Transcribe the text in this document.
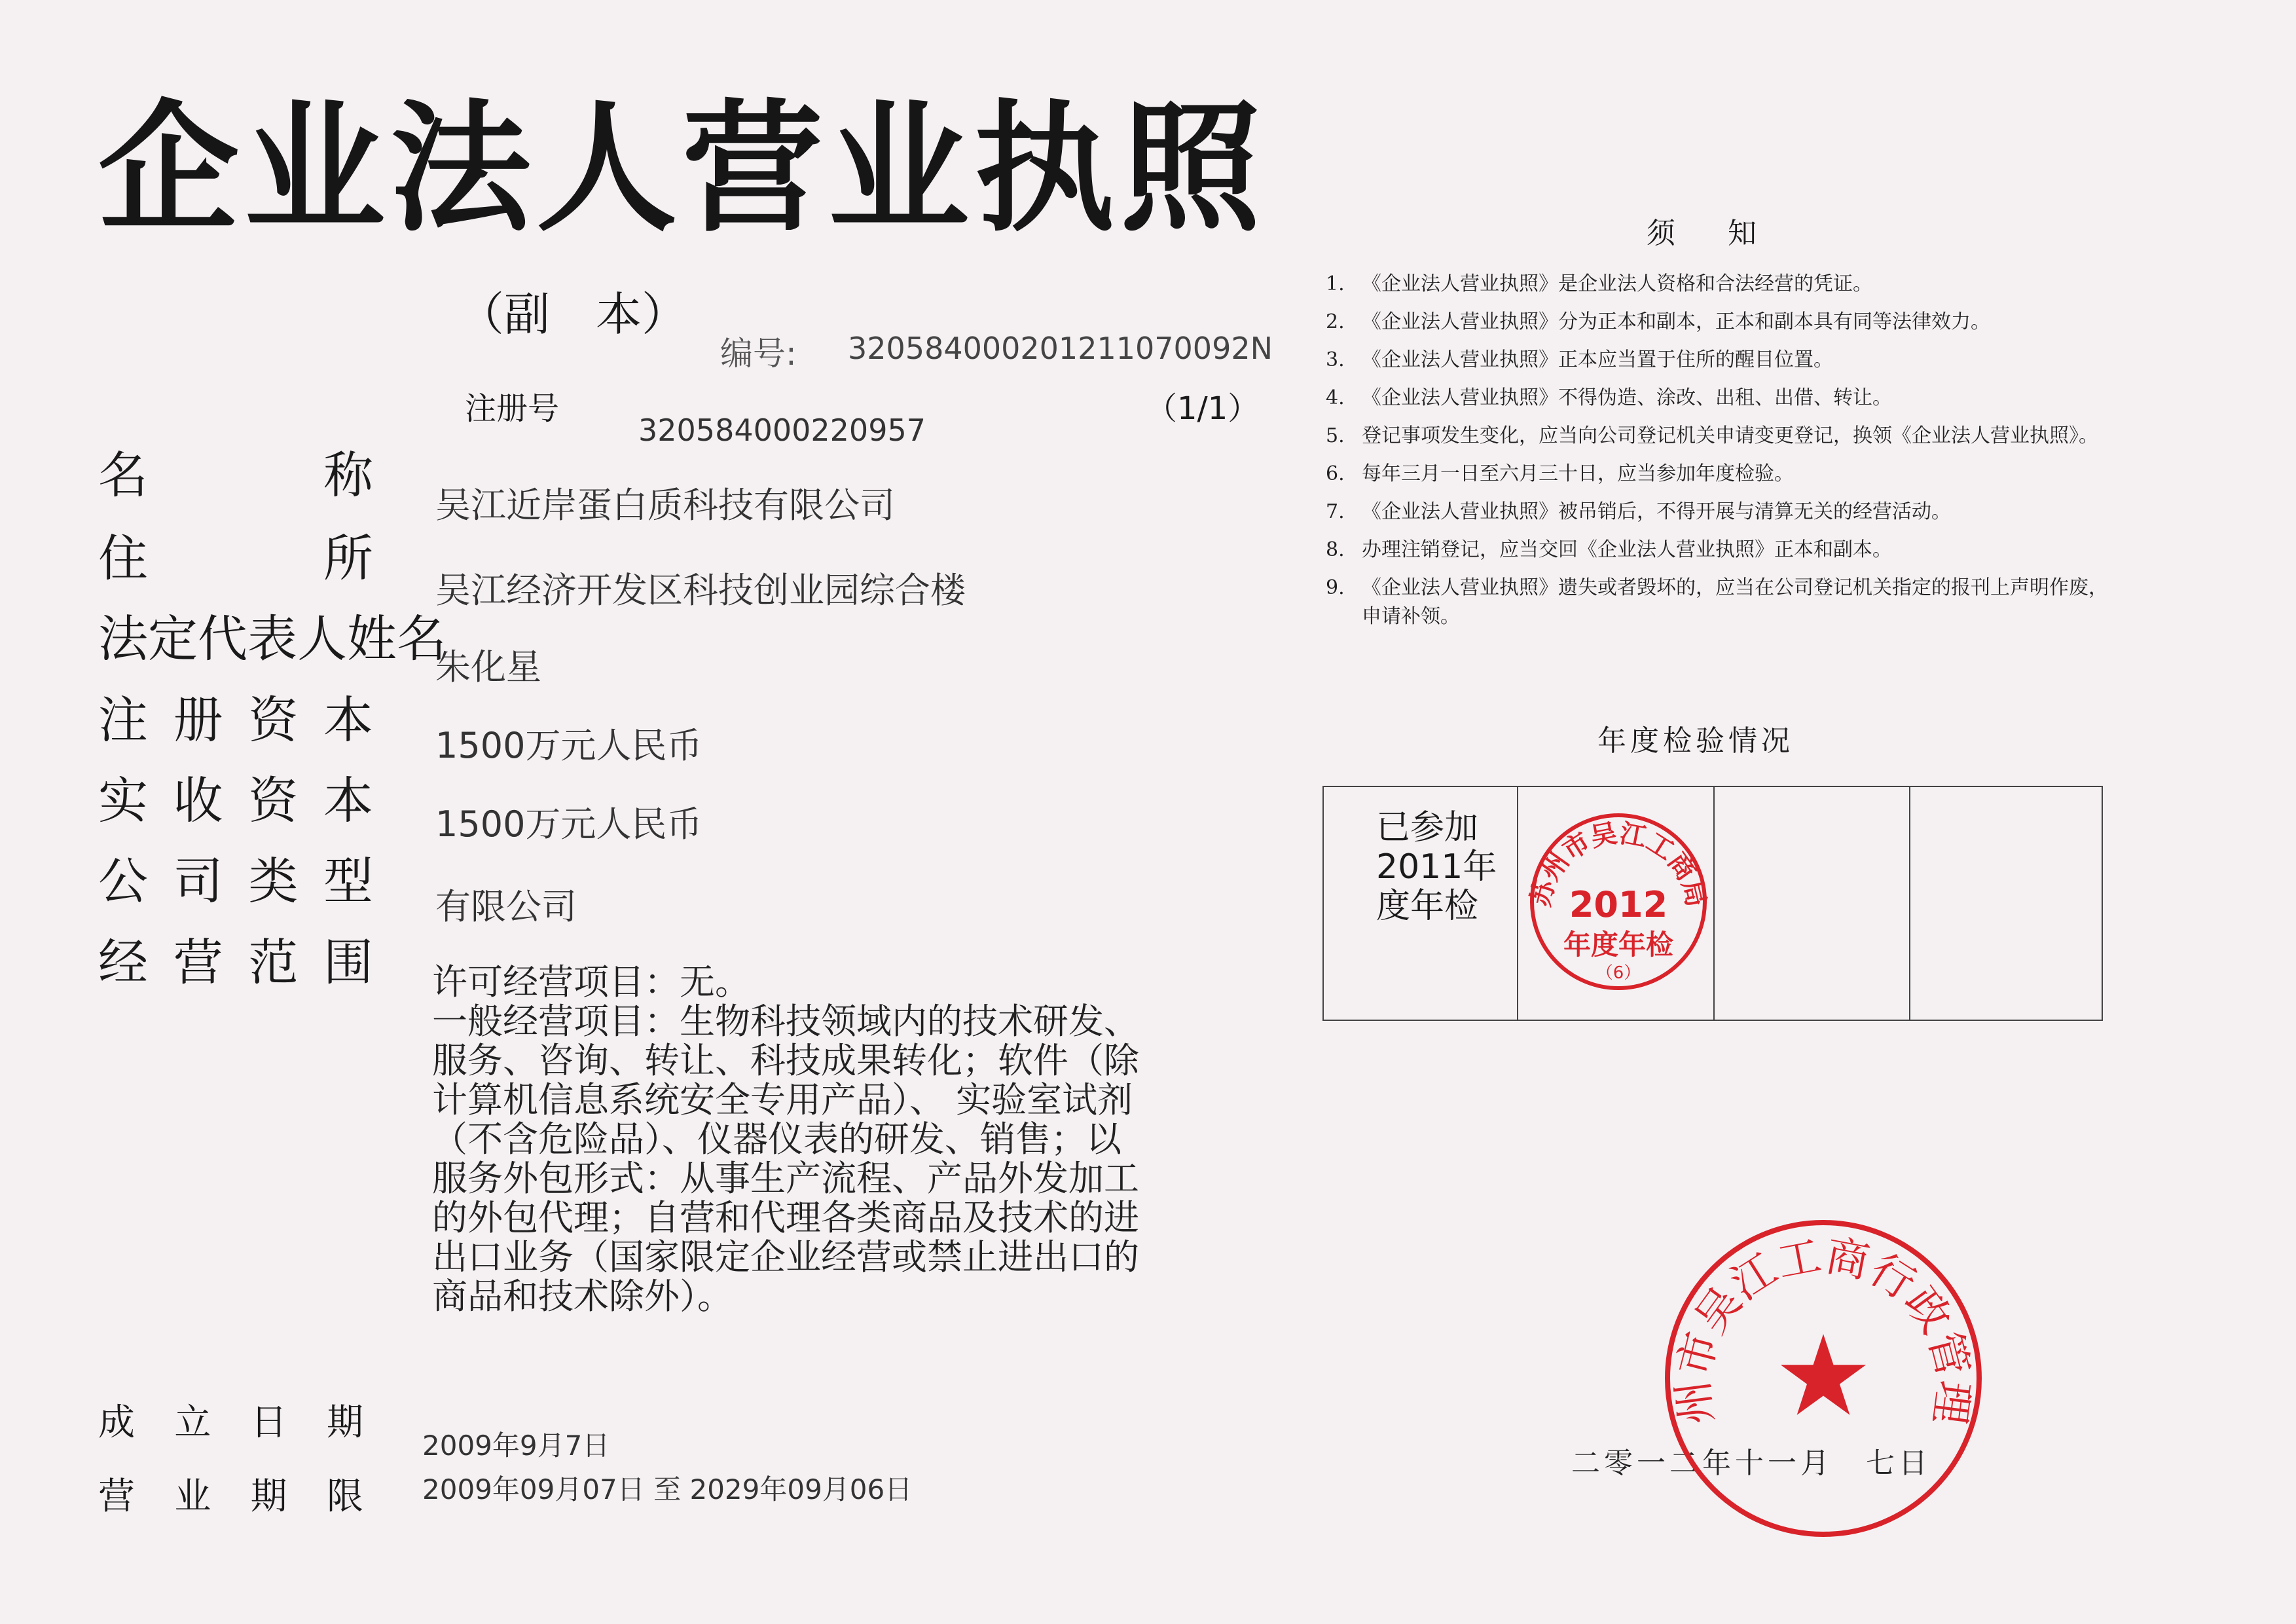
企业法人营业执照
（副　本）
编号: 320584000201211070092N
注册号	（1/1）
320584000220957
名	称
吴江近岸蛋白质科技有限公司
住	所
吴江经济开发区科技创业园综合楼
法定代表人姓名
朱化星
注 册 资 本 1500万元人民币
实 收 资 本 1500万元人民币
公 司 类 型 有限公司
经 营 范 围 许可经营项目：无。
一般经营项目：生物科技领域内的技术研发、
服务、咨询、转让、科技成果转化；软件（除
计算机信息系统安全专用产品）、 实验室试剂
（不含危险品）、仪器仪表的研发、销售；以
服务外包形式：从事生产流程、产品外发加工
的外包代理；自营和代理各类商品及技术的进
出口业务（国家限定企业经营或禁止进出口的
商品和技术除外）。
成 立 日 期
2009年9月7日
营 业 期 限 2009年09月07日 至 2029年09月06日
须知
1. 《企业法人营业执照》是企业法人资格和合法经营的凭证。
2. 《企业法人营业执照》分为正本和副本，正本和副本具有同等法律效力。
3. 《企业法人营业执照》正本应当置于住所的醒目位置。
4. 《企业法人营业执照》不得伪造、涂改、出租、出借、转让。
5. 登记事项发生变化，应当向公司登记机关申请变更登记，换领《企业法人营业执照》。
6. 每年三月一日至六月三十日，应当参加年度检验。
7. 《企业法人营业执照》被吊销后，不得开展与清算无关的经营活动。
8. 办理注销登记，应当交回《企业法人营业执照》正本和副本。
9. 《企业法人营业执照》遗失或者毁坏的，应当在公司登记机关指定的报刊上声明作废，申请补领。
年度检验情况
已参加2011年度年检	苏州市吴江工商局
2012
年度年检
（6）
二零一二年十一月　七日
苏州市吴江工商行政管理局
★
